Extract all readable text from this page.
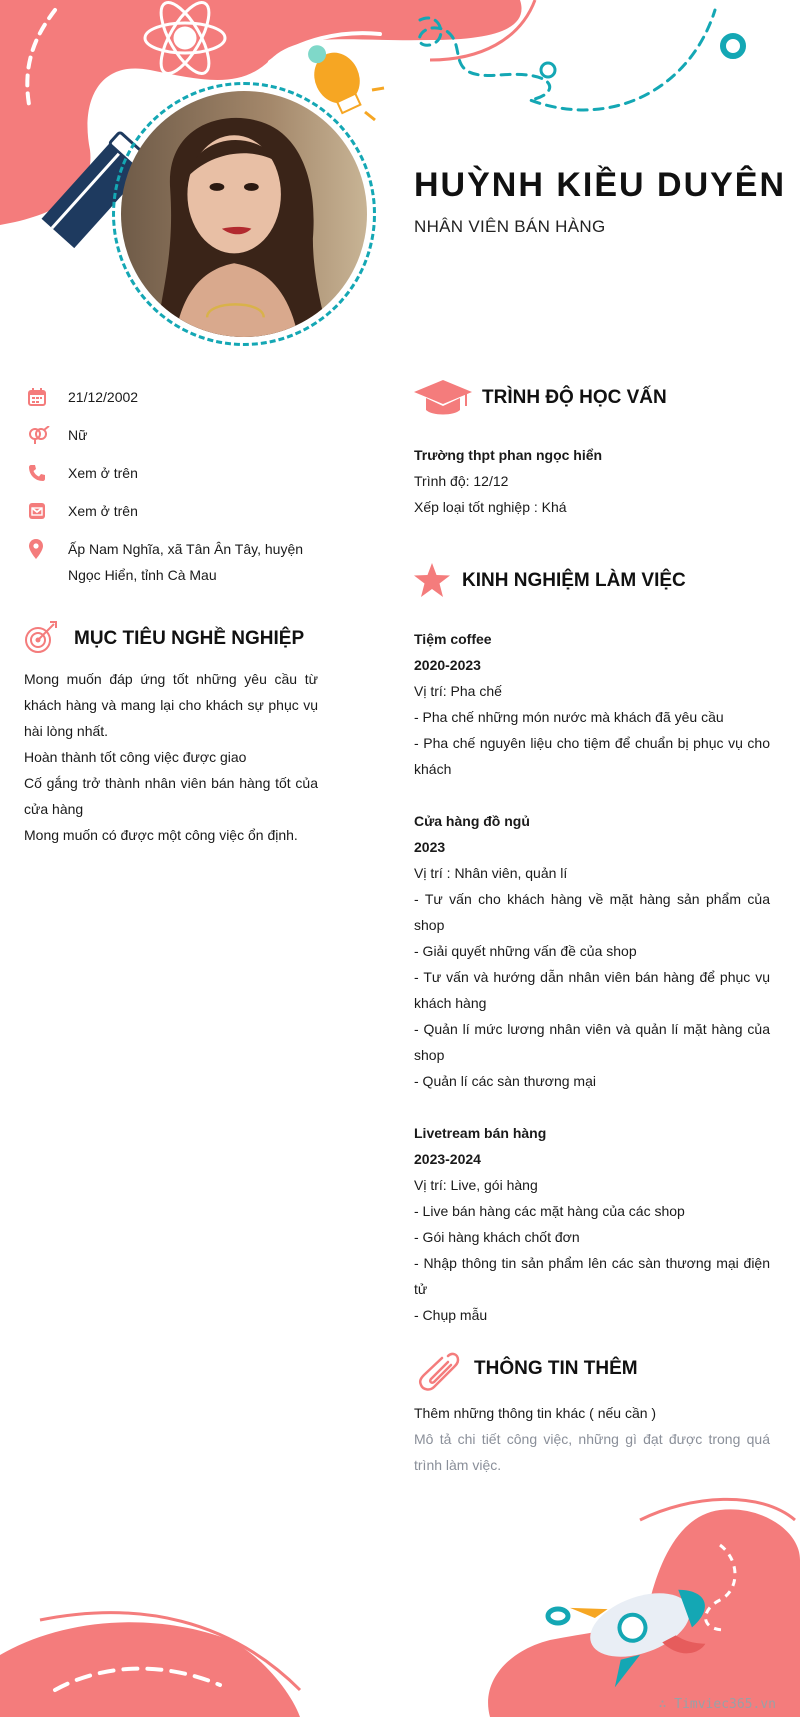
HUỲNH KIỀU DUYÊN
NHÂN VIÊN BÁN HÀNG
21/12/2002
Nữ
Xem ở trên
Xem ở trên
Ấp Nam Nghĩa, xã Tân Ân Tây, huyện Ngọc Hiển, tỉnh Cà Mau
MỤC TIÊU NGHỀ NGHIỆP

Mong muốn đáp ứng tốt những yêu cầu từ khách hàng và mang lại cho khách sự phục vụ hài lòng nhất.

Hoàn thành tốt công việc được giao

Cố gắng trở thành nhân viên bán hàng tốt của cửa hàng

Mong muốn có được một công việc ổn định.

TRÌNH ĐỘ HỌC VẤN

Trường thpt phan ngọc hiển

Trình độ: 12/12

Xếp loại tốt nghiệp : Khá

KINH NGHIỆM LÀM VIỆC

Tiệm coffee

2020-2023

Vị trí: Pha chế

- Pha chế những món nước mà khách đã yêu cầu

- Pha chế nguyên liệu cho tiệm để chuẩn bị phục vụ cho khách

Cửa hàng đồ ngủ

2023

Vị trí : Nhân viên, quản lí

- Tư vấn cho khách hàng về mặt hàng sản phẩm của shop

- Giải quyết những vấn đề của shop

- Tư vấn và hướng dẫn nhân viên bán hàng để phục vụ khách hàng

- Quản lí mức lương nhân viên và quản lí mặt hàng của shop

- Quản lí các sàn thương mại

Livetream bán hàng

2023-2024

Vị trí: Live, gói hàng

- Live bán hàng các mặt hàng của các shop

- Gói hàng khách chốt đơn

- Nhập thông tin sản phẩm lên các sàn thương mại điện tử

- Chụp mẫu

THÔNG TIN THÊM

Thêm những thông tin khác ( nếu cần )

Mô tả chi tiết công việc, những gì đạt được trong quá trình làm việc.

∴ Timviec365.vn
